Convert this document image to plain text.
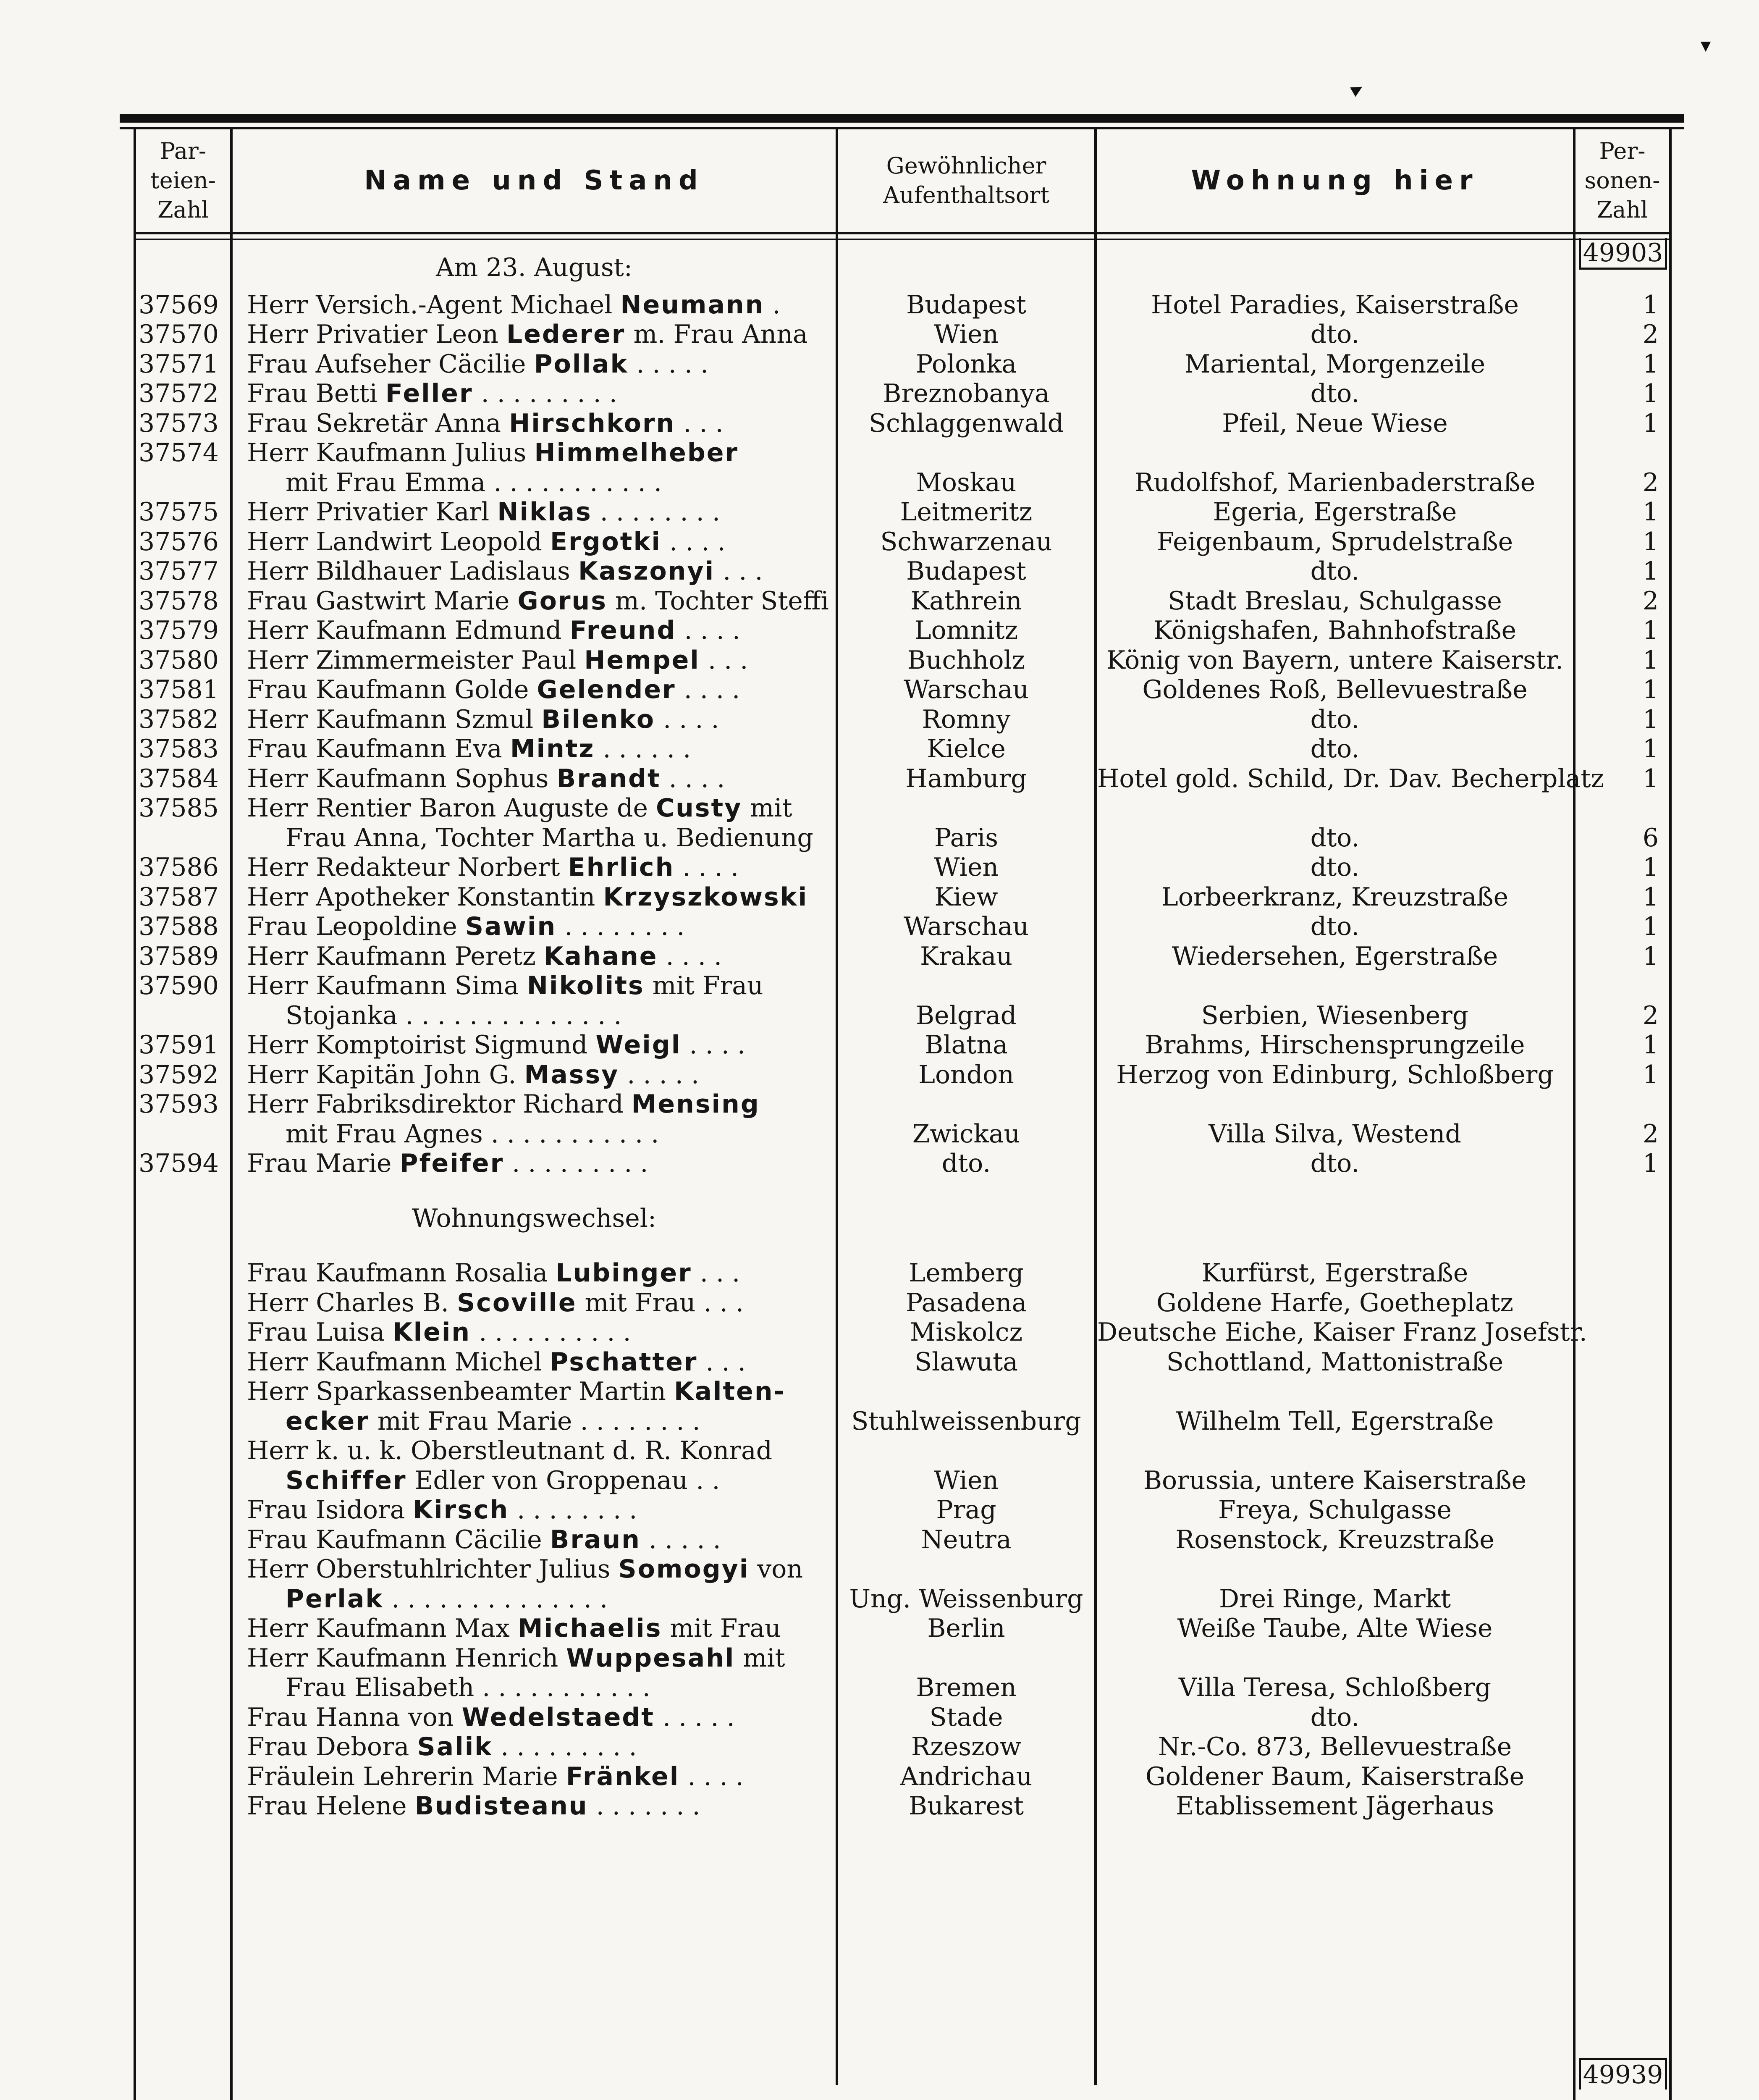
▾
▸
Par-
teien-
Zahl
Name und Stand	Gewöhnlicher
Aufenthaltsort	Wohnung hier
Per-
sonen-
Zahl
49903
49939
Am 23. August:
37569	Herr Versich.-Agent Michael Neumann .	Budapest	Hotel Paradies, Kaiserstraße	1
37570	Herr Privatier Leon Lederer m. Frau Anna	Wien	dto.	2
37571	Frau Aufseher Cäcilie Pollak . . . . .	Polonka	Mariental, Morgenzeile	1
37572	Frau Betti Feller . . . . . . . . .	Breznobanya	dto.	1
37573	Frau Sekretär Anna Hirschkorn . . .	Schlaggenwald	Pfeil, Neue Wiese	1
37574	Herr Kaufmann Julius Himmelheber
mit Frau Emma . . . . . . . . . . .	Moskau	Rudolfshof, Marienbaderstraße	2
37575	Herr Privatier Karl Niklas . . . . . . . .	Leitmeritz	Egeria, Egerstraße	1
37576	Herr Landwirt Leopold Ergotki . . . .	Schwarzenau	Feigenbaum, Sprudelstraße	1
37577	Herr Bildhauer Ladislaus Kaszonyi . . .	Budapest	dto.	1
37578	Frau Gastwirt Marie Gorus m. Tochter Steffi	Kathrein	Stadt Breslau, Schulgasse	2
37579	Herr Kaufmann Edmund Freund . . . .	Lomnitz	Königshafen, Bahnhofstraße	1
37580	Herr Zimmermeister Paul Hempel . . .	Buchholz	König von Bayern, untere Kaiserstr.	1
37581	Frau Kaufmann Golde Gelender . . . .	Warschau	Goldenes Roß, Bellevuestraße	1
37582	Herr Kaufmann Szmul Bilenko . . . .	Romny	dto.	1
37583	Frau Kaufmann Eva Mintz . . . . . .	Kielce	dto.	1
37584	Herr Kaufmann Sophus Brandt . . . .	Hamburg	Hotel gold. Schild, Dr. Dav. Becherplatz	1
37585	Herr Rentier Baron Auguste de Custy mit
Frau Anna, Tochter Martha u. Bedienung	Paris	dto.	6
37586	Herr Redakteur Norbert Ehrlich . . . .	Wien	dto.	1
37587	Herr Apotheker Konstantin Krzyszkowski	Kiew	Lorbeerkranz, Kreuzstraße	1
37588	Frau Leopoldine Sawin . . . . . . . .	Warschau	dto.	1
37589	Herr Kaufmann Peretz Kahane . . . .	Krakau	Wiedersehen, Egerstraße	1
37590	Herr Kaufmann Sima Nikolits mit Frau
Stojanka . . . . . . . . . . . . . .	Belgrad	Serbien, Wiesenberg	2
37591	Herr Komptoirist Sigmund Weigl . . . .	Blatna	Brahms, Hirschensprungzeile	1
37592	Herr Kapitän John G. Massy . . . . .	London	Herzog von Edinburg, Schloßberg	1
37593	Herr Fabriksdirektor Richard Mensing
mit Frau Agnes . . . . . . . . . . .	Zwickau	Villa Silva, Westend	2
37594	Frau Marie Pfeifer . . . . . . . . .	dto.	dto.	1
Wohnungswechsel:
Frau Kaufmann Rosalia Lubinger . . .	Lemberg	Kurfürst, Egerstraße
Herr Charles B. Scoville mit Frau . . .	Pasadena	Goldene Harfe, Goetheplatz
Frau Luisa Klein . . . . . . . . . .	Miskolcz	Deutsche Eiche, Kaiser Franz Josefstr.
Herr Kaufmann Michel Pschatter . . .	Slawuta	Schottland, Mattonistraße
Herr Sparkassenbeamter Martin Kalten-
ecker mit Frau Marie . . . . . . . .	Stuhlweissenburg	Wilhelm Tell, Egerstraße
Herr k. u. k. Oberstleutnant d. R. Konrad
Schiffer Edler von Groppenau . .	Wien	Borussia, untere Kaiserstraße
Frau Isidora Kirsch . . . . . . . .	Prag	Freya, Schulgasse
Frau Kaufmann Cäcilie Braun . . . . .	Neutra	Rosenstock, Kreuzstraße
Herr Oberstuhlrichter Julius Somogyi von
Perlak . . . . . . . . . . . . . .	Ung. Weissenburg	Drei Ringe, Markt
Herr Kaufmann Max Michaelis mit Frau	Berlin	Weiße Taube, Alte Wiese
Herr Kaufmann Henrich Wuppesahl mit
Frau Elisabeth . . . . . . . . . . .	Bremen	Villa Teresa, Schloßberg
Frau Hanna von Wedelstaedt . . . . .	Stade	dto.
Frau Debora Salik . . . . . . . . .	Rzeszow	Nr.-Co. 873, Bellevuestraße
Fräulein Lehrerin Marie Fränkel . . . .	Andrichau	Goldener Baum, Kaiserstraße
Frau Helene Budisteanu . . . . . . .	Bukarest	Etablissement Jägerhaus
